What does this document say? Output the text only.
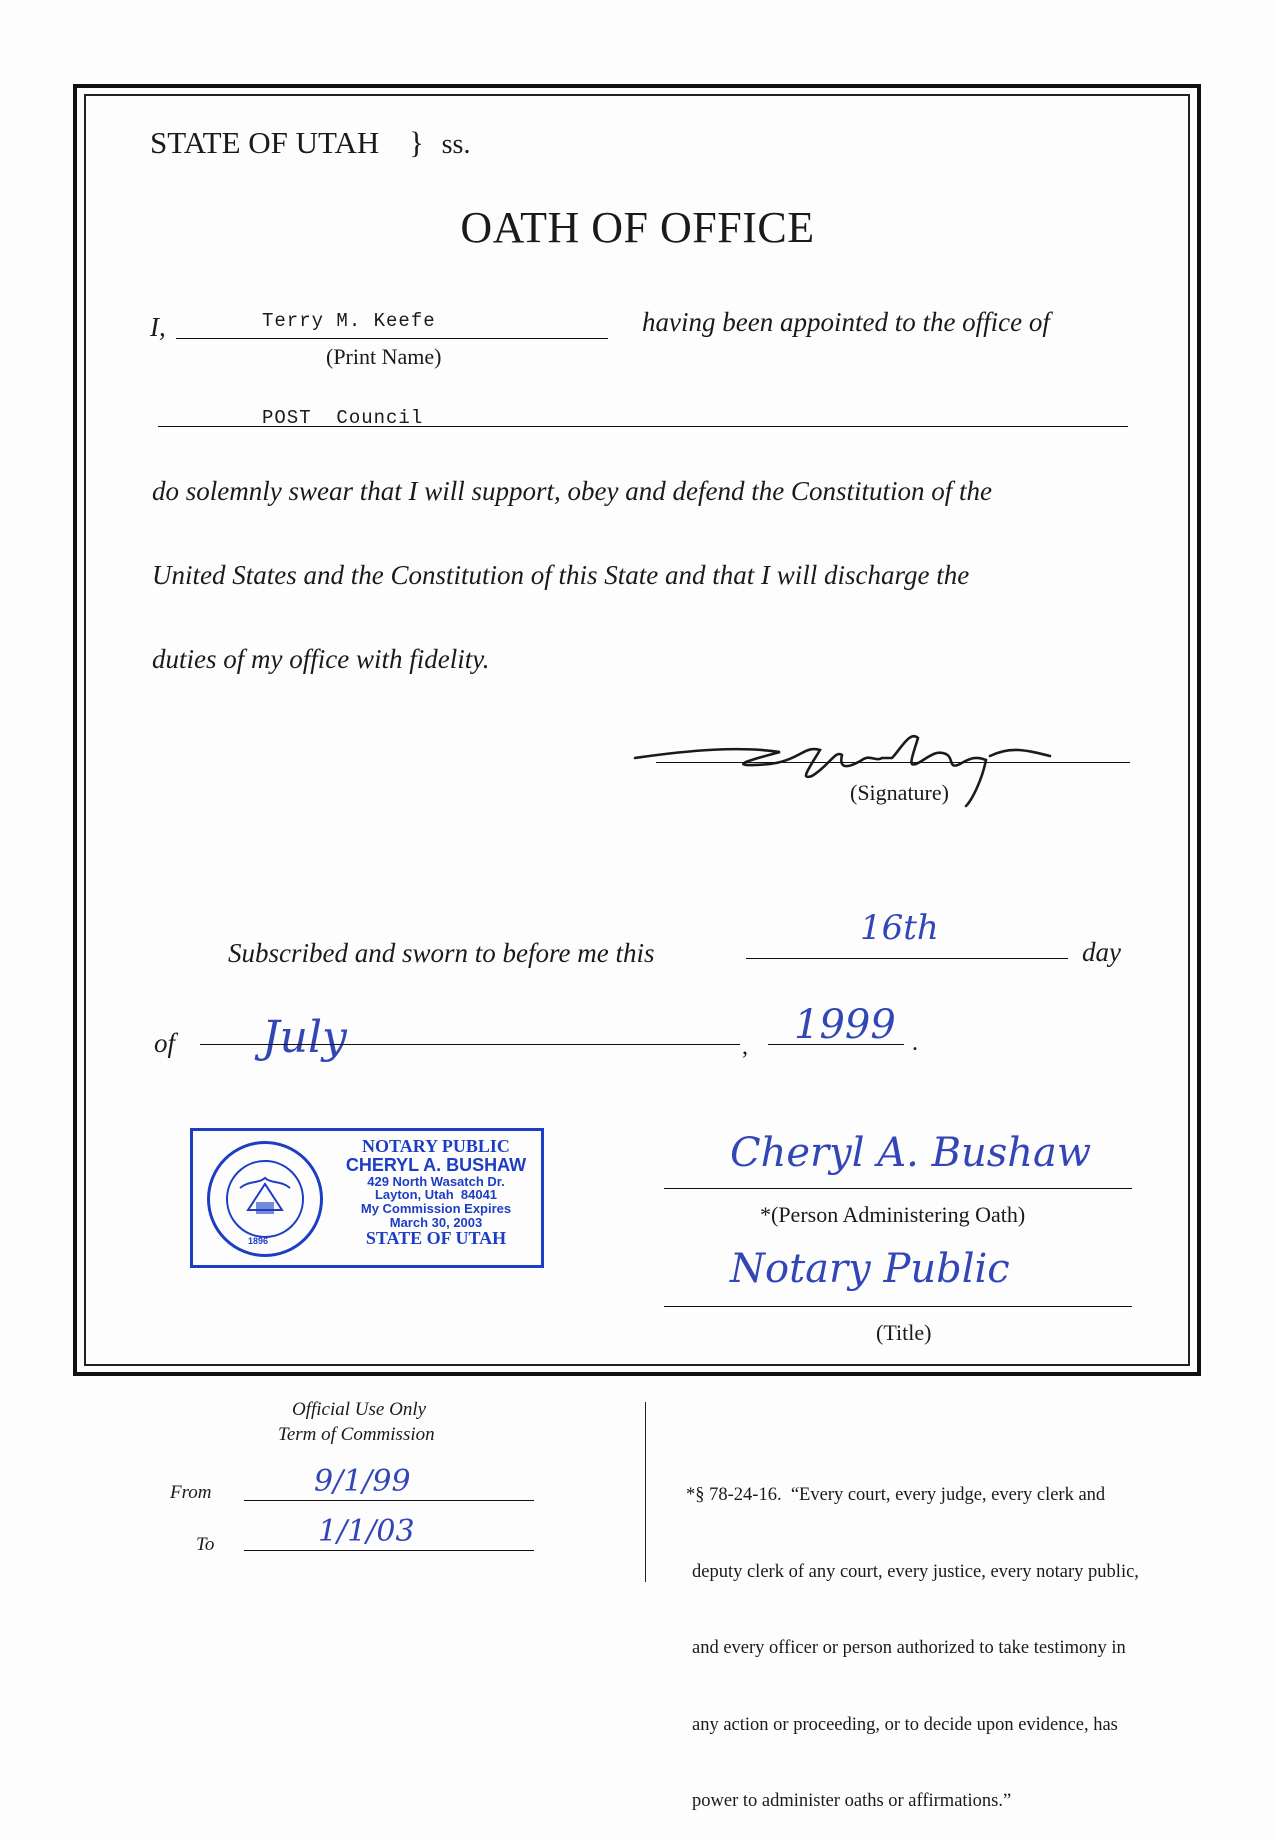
STATE OF UTAH } ss.
OATH OF OFFICE
I,	Terry M. Keefe
(Print Name)
having been appointed to the office of
POST  Council
do solemnly swear that I will support, obey and defend the Constitution of the
United States and the Constitution of this State and that I will discharge the
duties of my office with fidelity.
(Signature)
Subscribed and sworn to before me this
16th
day
of July	, 1999 .
1896
NOTARY PUBLIC
CHERYL A. BUSHAW
429 North Wasatch Dr.
Layton, Utah  84041
My Commission Expires
March 30, 2003
STATE OF UTAH
Cheryl A. Bushaw
*(Person Administering Oath)
Notary Public
(Title)
Official Use Only
Term of Commission
From	9/1/99
To	1/1/03

*§ 78-24-16.  “Every court, every judge, every clerk and

deputy clerk of any court, every justice, every notary public,

and every officer or person authorized to take testimony in

any action or proceeding, or to decide upon evidence, has

power to administer oaths or affirmations.”
